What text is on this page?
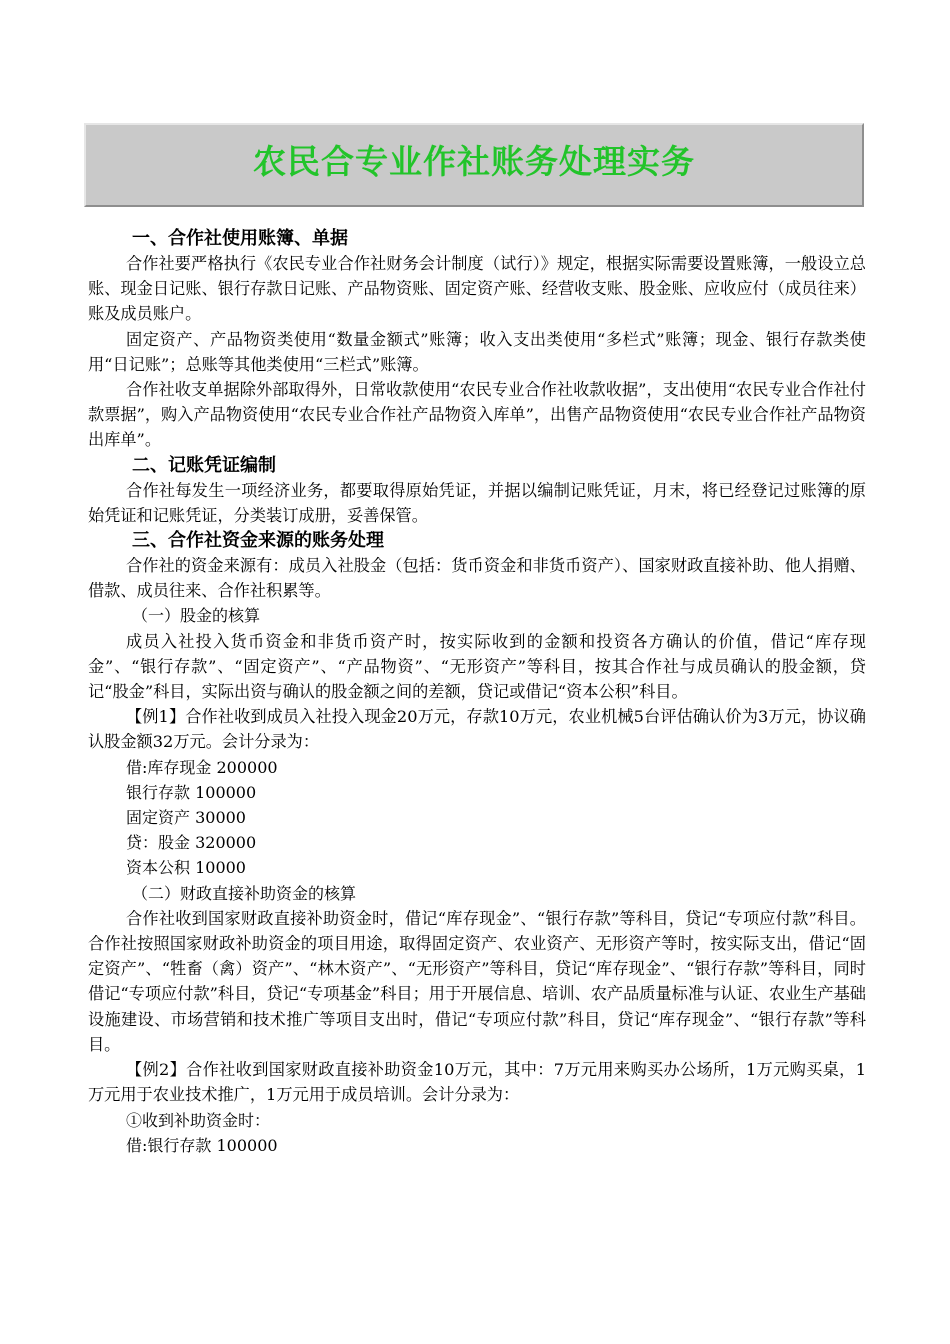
农民合专业作社账务处理实务
一、合作社使用账簿、单据

合作社要严格执行《农民专业合作社财务会计制度（试行）》规定，根据实际需要设置账簿，一般设立总账、现金日记账、银行存款日记账、产品物资账、固定资产账、经营收支账、股金账、应收应付（成员往来）账及成员账户。

固定资产、产品物资类使用“数量金额式”账簿；收入支出类使用“多栏式”账簿；现金、银行存款类使用“日记账”；总账等其他类使用“三栏式”账簿。

合作社收支单据除外部取得外，日常收款使用“农民专业合作社收款收据”，支出使用“农民专业合作社付款票据”，购入产品物资使用“农民专业合作社产品物资入库单”，出售产品物资使用“农民专业合作社产品物资出库单”。

二、记账凭证编制

合作社每发生一项经济业务，都要取得原始凭证，并据以编制记账凭证，月末，将已经登记过账簿的原始凭证和记账凭证，分类装订成册，妥善保管。

三、合作社资金来源的账务处理

合作社的资金来源有：成员入社股金（包括：货币资金和非货币资产）、国家财政直接补助、他人捐赠、借款、成员往来、合作社积累等。

（一）股金的核算

成员入社投入货币资金和非货币资产时，按实际收到的金额和投资各方确认的价值，借记“库存现金”、“银行存款”、“固定资产”、“产品物资”、“无形资产”等科目，按其合作社与成员确认的股金额，贷记“股金”科目，实际出资与确认的股金额之间的差额，贷记或借记“资本公积”科目。

【例1】合作社收到成员入社投入现金20万元，存款10万元，农业机械5台评估确认价为3万元，协议确认股金额32万元。会计分录为：

借:库存现金 200000

银行存款 100000

固定资产 30000

贷：股金 320000

资本公积 10000

（二）财政直接补助资金的核算

合作社收到国家财政直接补助资金时，借记“库存现金”、“银行存款”等科目，贷记“专项应付款”科目。合作社按照国家财政补助资金的项目用途，取得固定资产、农业资产、无形资产等时，按实际支出，借记“固定资产”、“牲畜（禽）资产”、“林木资产”、“无形资产”等科目，贷记“库存现金”、“银行存款”等科目，同时借记“专项应付款”科目，贷记“专项基金”科目；用于开展信息、培训、农产品质量标准与认证、农业生产基础设施建设、市场营销和技术推广等项目支出时，借记“专项应付款”科目，贷记“库存现金”、“银行存款”等科目。

【例2】合作社收到国家财政直接补助资金10万元，其中：7万元用来购买办公场所，1万元购买桌，1万元用于农业技术推广，1万元用于成员培训。会计分录为：

①收到补助资金时：

借:银行存款 100000
